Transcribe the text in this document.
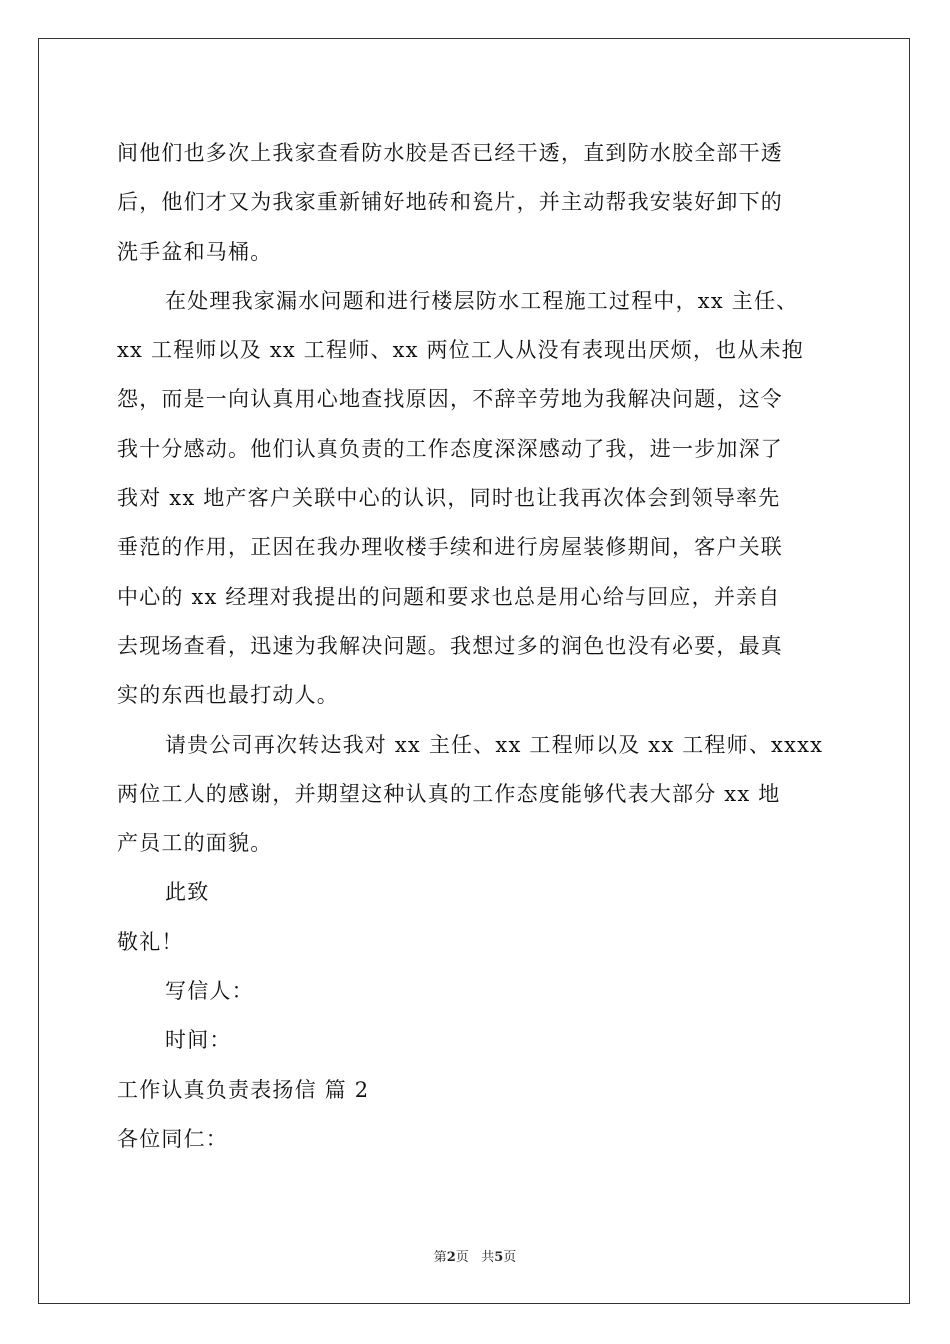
间他们也多次上我家查看防水胶是否已经干透，直到防水胶全部干透
后，他们才又为我家重新铺好地砖和瓷片，并主动帮我安装好卸下的
洗手盆和马桶。
在处理我家漏水问题和进行楼层防水工程施工过程中，xx 主任、
xx 工程师以及 xx 工程师、xx 两位工人从没有表现出厌烦，也从未抱
怨，而是一向认真用心地查找原因，不辞辛劳地为我解决问题，这令
我十分感动。他们认真负责的工作态度深深感动了我，进一步加深了
我对 xx 地产客户关联中心的认识，同时也让我再次体会到领导率先
垂范的作用，正因在我办理收楼手续和进行房屋装修期间，客户关联
中心的 xx 经理对我提出的问题和要求也总是用心给与回应，并亲自
去现场查看，迅速为我解决问题。我想过多的润色也没有必要，最真
实的东西也最打动人。
请贵公司再次转达我对 xx 主任、xx 工程师以及 xx 工程师、xxxx
两位工人的感谢，并期望这种认真的工作态度能够代表大部分 xx 地
产员工的面貌。
此致
敬礼！
写信人：
时间：
工作认真负责表扬信 篇 2
各位同仁：
第2页 共5页
